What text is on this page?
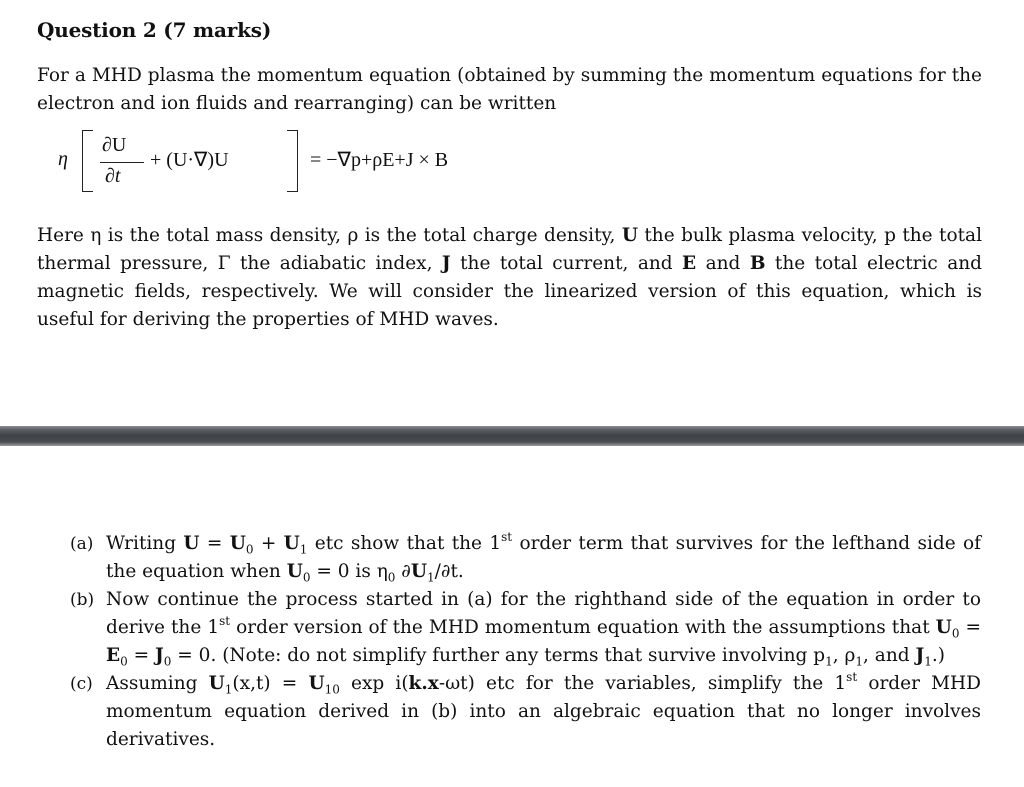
Question 2 (7 marks)
For a MHD plasma the momentum equation (obtained by summing the momentum equations for the electron and ion fluids and rearranging) can be written
η
∂U
∂t
+ (U·∇)U	= −∇p+ρE+J × B
Here η is the total mass density, ρ is the total charge density, U the bulk plasma velocity, p the total thermal pressure, Γ the adiabatic index, J the total current, and E and B the total electric and magnetic fields, respectively. We will consider the linearized version of this equation, which is useful for deriving the properties of MHD waves.
(a) Writing $U = U_0 + U_1$ etc show that the 1st order term that survives for the lefthand side of the equation when $U_0 = 0$ is $\eta_0$ $\partial U_1/\partial t$.
(b) Now continue the process started in (a) for the righthand side of the equation in order to derive the 1st order version of the MHD momentum equation with the assumptions that $U_0 = E_0 = J_0 = 0$. (Note: do not simplify further any terms that survive involving $p_1$, $\rho_1$, and $J_1$.)
(c) Assuming $U_1(x,t) = U_{10}$ exp i(k.x-ωt) etc for the variables, simplify the 1st order MHD momentum equation derived in (b) into an algebraic equation that no longer involves derivatives.
